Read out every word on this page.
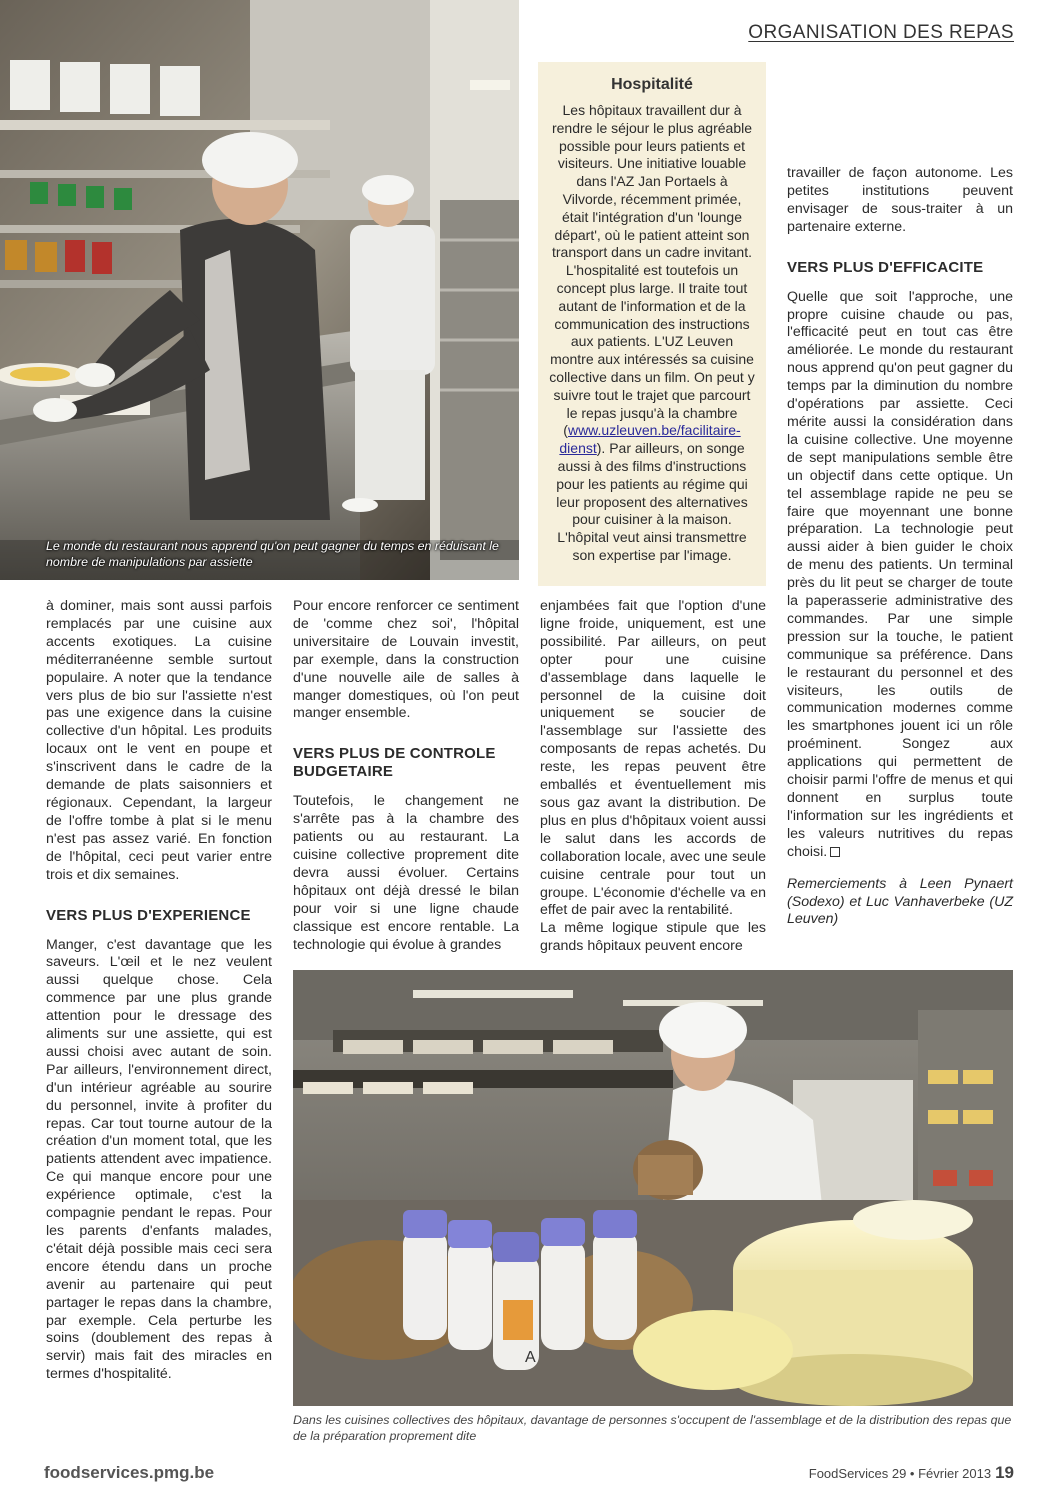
ORGANISATION DES REPAS
Le monde du restaurant nous apprend qu'on peut gagner du temps en réduisant le nombre de manipulations par assiette
Hospitalité

Les hôpitaux travaillent dur à rendre le séjour le plus agréable possible pour leurs patients et visiteurs. Une initiative louable dans l'AZ Jan Portaels à Vilvorde, récemment primée, était l'intégration d'un 'lounge départ', où le patient atteint son transport dans un cadre invitant. L'hospitalité est toutefois un concept plus large. Il traite tout autant de l'information et de la communication des instructions aux patients. L'UZ Leuven montre aux intéressés sa cuisine collective dans un film. On peut y suivre tout le trajet que parcourt le repas jusqu'à la chambre (www.uzleuven.be/facilitaire-dienst). Par ailleurs, on songe aussi à des films d'instructions pour les patients au régime qui leur proposent des alternatives pour cuisiner à la maison. L'hôpital veut ainsi transmettre son expertise par l'image.

travailler de façon autonome. Les petites institutions peuvent envisager de sous-traiter à un partenaire externe.

VERS PLUS D'EFFICACITE

Quelle que soit l'approche, une propre cuisine chaude ou pas, l'efficacité peut en tout cas être améliorée. Le monde du restaurant nous apprend qu'on peut gagner du temps par la diminution du nombre d'opérations par assiette. Ceci mérite aussi la considération dans la cuisine collective. Une moyenne de sept manipulations semble être un objectif dans cette optique. Un tel assemblage rapide ne peu se faire que moyennant une bonne préparation. La technologie peut aussi aider à bien guider le choix de menu des patients. Un terminal près du lit peut se charger de toute la paperasserie administrative des commandes. Par une simple pression sur la touche, le patient communique sa préférence. Dans le restaurant du personnel et des visiteurs, les outils de communication modernes comme les smartphones jouent ici un rôle proéminent. Songez aux applications qui permettent de choisir parmi l'offre de menus et qui donnent en surplus toute l'information sur les ingrédients et les valeurs nutritives du repas choisi.

Remerciements à Leen Pynaert (Sodexo) et Luc Vanhaverbeke (UZ Leuven)

à dominer, mais sont aussi parfois remplacés par une cuisine aux accents exotiques. La cuisine méditerranéenne semble surtout populaire. A noter que la tendance vers plus de bio sur l'assiette n'est pas une exigence dans la cuisine collective d'un hôpital. Les produits locaux ont le vent en poupe et s'inscrivent dans le cadre de la demande de plats saisonniers et régionaux. Cependant, la largeur de l'offre tombe à plat si le menu n'est pas assez varié. En fonction de l'hôpital, ceci peut varier entre trois et dix semaines.

VERS PLUS D'EXPERIENCE

Manger, c'est davantage que les saveurs. L'œil et le nez veulent aussi quelque chose. Cela commence par une plus grande attention pour le dressage des aliments sur une assiette, qui est aussi choisi avec autant de soin. Par ailleurs, l'environnement direct, d'un intérieur agréable au sourire du personnel, invite à profiter du repas. Car tout tourne autour de la création d'un moment total, que les patients attendent avec impatience. Ce qui manque encore pour une expérience optimale, c'est la compagnie pendant le repas. Pour les parents d'enfants malades, c'était déjà possible mais ceci sera encore étendu dans un proche avenir au partenaire qui peut partager le repas dans la chambre, par exemple. Cela perturbe les soins (doublement des repas à servir) mais fait des miracles en termes d'hospitalité.

Pour encore renforcer ce sentiment de 'comme chez soi', l'hôpital universitaire de Louvain investit, par exemple, dans la construction d'une nouvelle aile de salles à manger domestiques, où l'on peut manger ensemble.

VERS PLUS DE CONTROLE BUDGETAIRE

Toutefois, le changement ne s'arrête pas à la chambre des patients ou au restaurant. La cuisine collective proprement dite devra aussi évoluer. Certains hôpitaux ont déjà dressé le bilan pour voir si une ligne chaude classique est encore rentable. La technologie qui évolue à grandes

enjambées fait que l'option d'une ligne froide, uniquement, est une possibilité. Par ailleurs, on peut opter pour une cuisine d'assemblage dans laquelle le personnel de la cuisine doit uniquement se soucier de l'assemblage sur l'assiette des composants de repas achetés. Du reste, les repas peuvent être emballés et éventuellement mis sous gaz avant la distribution. De plus en plus d'hôpitaux voient aussi le salut dans les accords de collaboration locale, avec une seule cuisine centrale pour tout un groupe. L'économie d'échelle va en effet de pair avec la rentabilité.

La même logique stipule que les grands hôpitaux peuvent encore

A
Dans les cuisines collectives des hôpitaux, davantage de personnes s'occupent de l'assemblage et de la distribution des repas que de la préparation proprement dite
foodservices.pmg.be	FoodServices 29 • Février 2013 19
